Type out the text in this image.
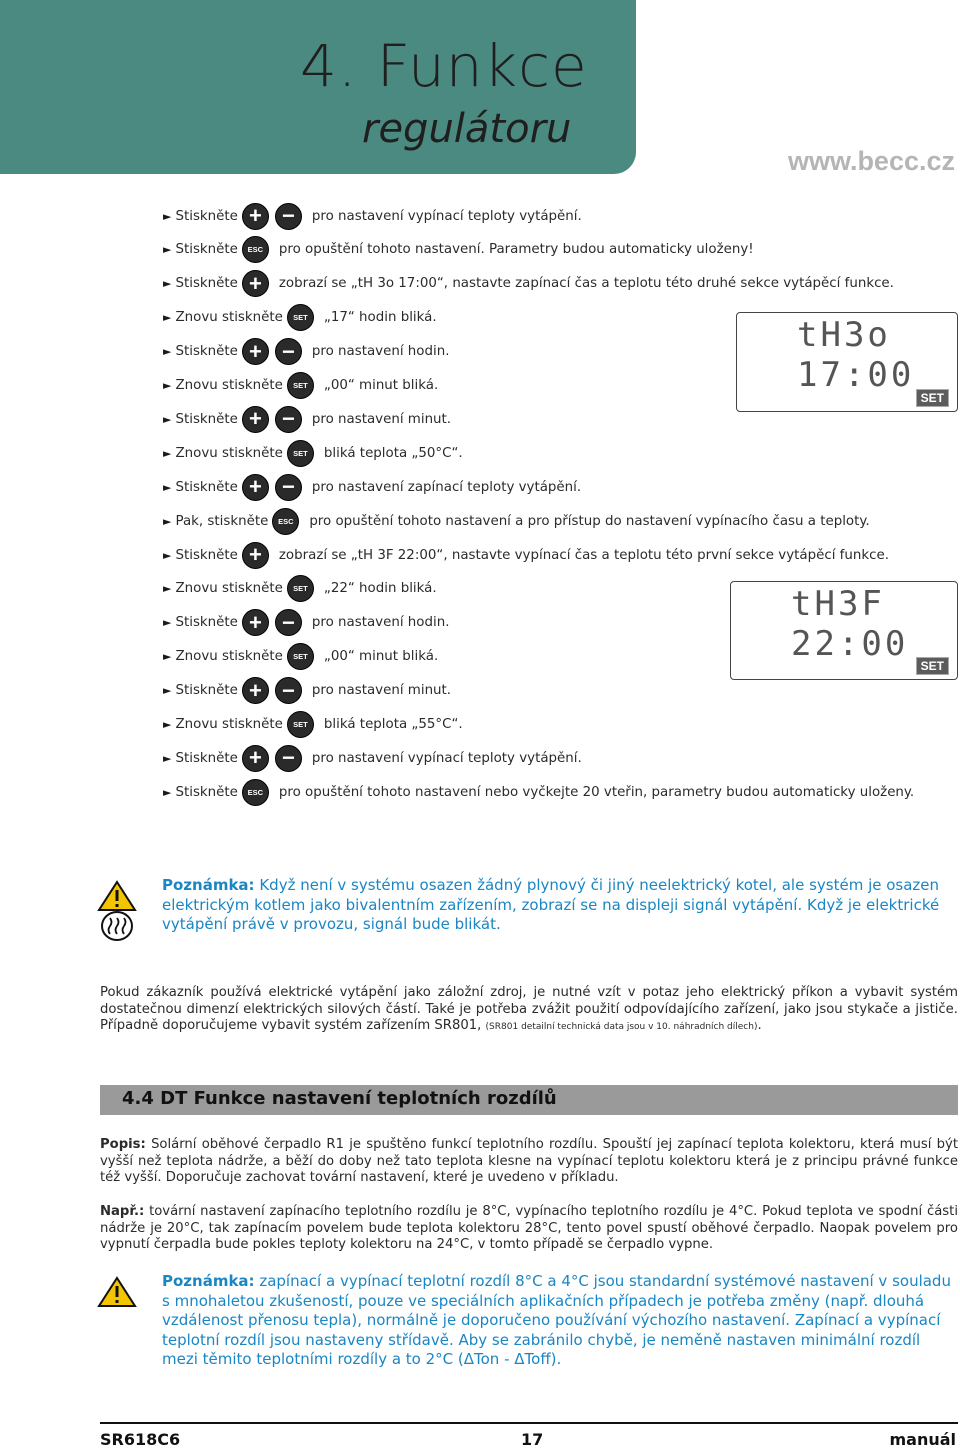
4. Funkce
regulátoru
www.becc.cz
► Stiskněte + −	pro nastavení vypínací teploty vytápění.
► Stiskněte	ESC	pro opuštění tohoto nastavení. Parametry budou automaticky uloženy!
► Stiskněte +	zobrazí se „tH 3o 17:00“, nastavte zapínací čas a teplotu této druhé sekce vytápěcí funkce.
► Znovu stiskněte	SET	„17“ hodin bliká.
► Stiskněte + −	pro nastavení hodin.
► Znovu stiskněte	SET	„00“ minut bliká.
► Stiskněte + −	pro nastavení minut.
► Znovu stiskněte	SET	bliká teplota „50°C“.
► Stiskněte + −	pro nastavení zapínací teploty vytápění.
► Pak, stiskněte	ESC	pro opuštění tohoto nastavení a pro přístup do nastavení vypínacího času a teploty.
► Stiskněte +	zobrazí se „tH 3F 22:00“, nastavte vypínací čas a teplotu této první sekce vytápěcí funkce.
► Znovu stiskněte	SET	„22“ hodin bliká.
► Stiskněte + −	pro nastavení hodin.
► Znovu stiskněte	SET	„00“ minut bliká.
► Stiskněte + −	pro nastavení minut.
► Znovu stiskněte	SET	bliká teplota „55°C“.
► Stiskněte + −	pro nastavení vypínací teploty vytápění.
► Stiskněte	ESC	pro opuštění tohoto nastavení nebo vyčkejte 20 vteřin, parametry budou automaticky uloženy.
tH3o 17:00
SET
tH3F 22:00
SET
Poznámka: Když není v systému osazen žádný plynový či jiný neelektrický kotel, ale systém je osazen elektrickým kotlem jako bivalentním zařízením, zobrazí se na displeji signál vytápění. Když je elektrické vytápění právě v provozu, signál bude blikát.
Pokud zákazník používá elektrické vytápění jako záložní zdroj, je nutné vzít v potaz jeho elektrický příkon a vybavit systém dostatečnou dimenzí elektrických silových částí. Také je potřeba zvážit použití odpovídajícího zařízení, jako jsou stykače a jističe. Případně doporučujeme vybavit systém zařízením SR801, (SR801 detailní technická data jsou v 10. náhradních dílech).
4.4 DT Funkce nastavení teplotních rozdílů
Popis: Solární oběhové čerpadlo R1 je spuštěno funkcí teplotního rozdílu. Spouští jej zapínací teplota kolektoru, která musí být vyšší než teplota nádrže, a běží do doby než tato teplota klesne na vypínací teplotu kolektoru která je z principu právné funkce též vyšší. Doporučuje zachovat tovární nastavení, které je uvedeno v příkladu.
Např.: tovární nastavení zapínacího teplotního rozdílu je 8°C, vypínacího teplotního rozdílu je 4°C. Pokud teplota ve spodní části nádrže je 20°C, tak zapínacím povelem bude teplota kolektoru 28°C, tento povel spustí oběhové čerpadlo. Naopak povelem pro vypnutí čerpadla bude pokles teploty kolektoru na 24°C, v tomto případě se čerpadlo vypne.
Poznámka: zapínací a vypínací teplotní rozdíl 8°C a 4°C jsou standardní systémové nastavení v souladu s mnohaletou zkušeností, pouze ve speciálních aplikačních případech je potřeba změny (např. dlouhá vzdálenost přenosu tepla), normálně je doporučeno používání výchozího nastavení. Zapínací a vypínací teplotní rozdíl jsou nastaveny střídavě. Aby se zabránilo chybě, je neměně nastaven minimální rozdíl mezi těmito teplotními rozdíly a to 2°C (ΔTon - ΔToff).
SR618C6	17	manuál
